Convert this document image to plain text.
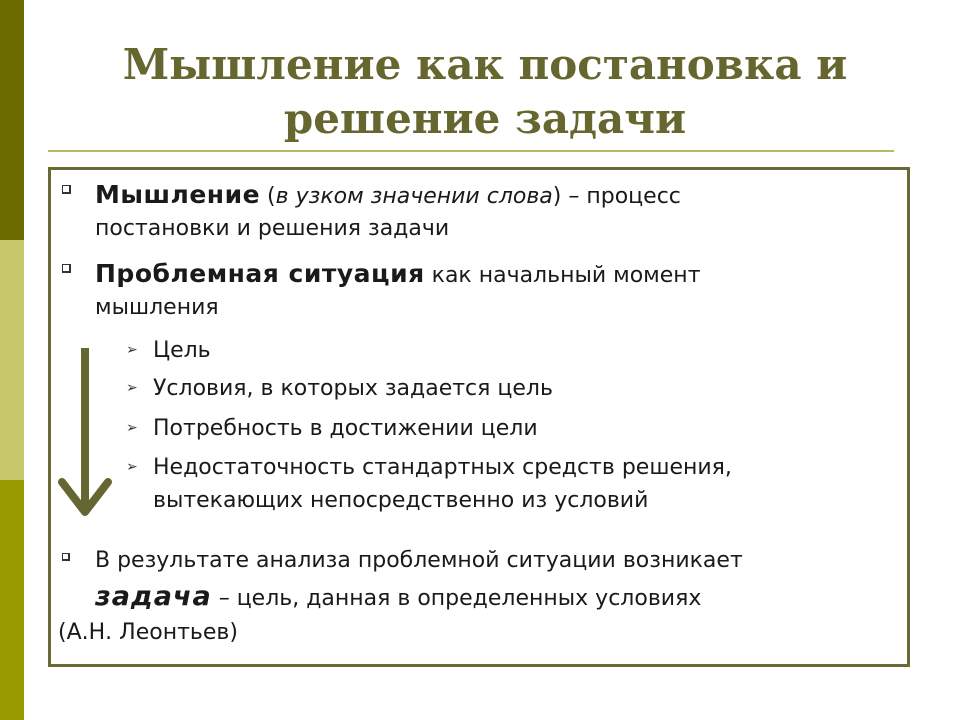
Мышление как постановка и
решение задачи
Мышление (в узком значении слова) – процесс
постановки и решения задачи
Проблемная ситуация как начальный момент
мышления
➢ Цель
➢ Условия, в которых задается цель
➢ Потребность в достижении цели
➢ Недостаточность стандартных средств решения,
вытекающих непосредственно из условий
В результате анализа проблемной ситуации возникает
задача – цель, данная в определенных условиях
(А.Н. Леонтьев)
